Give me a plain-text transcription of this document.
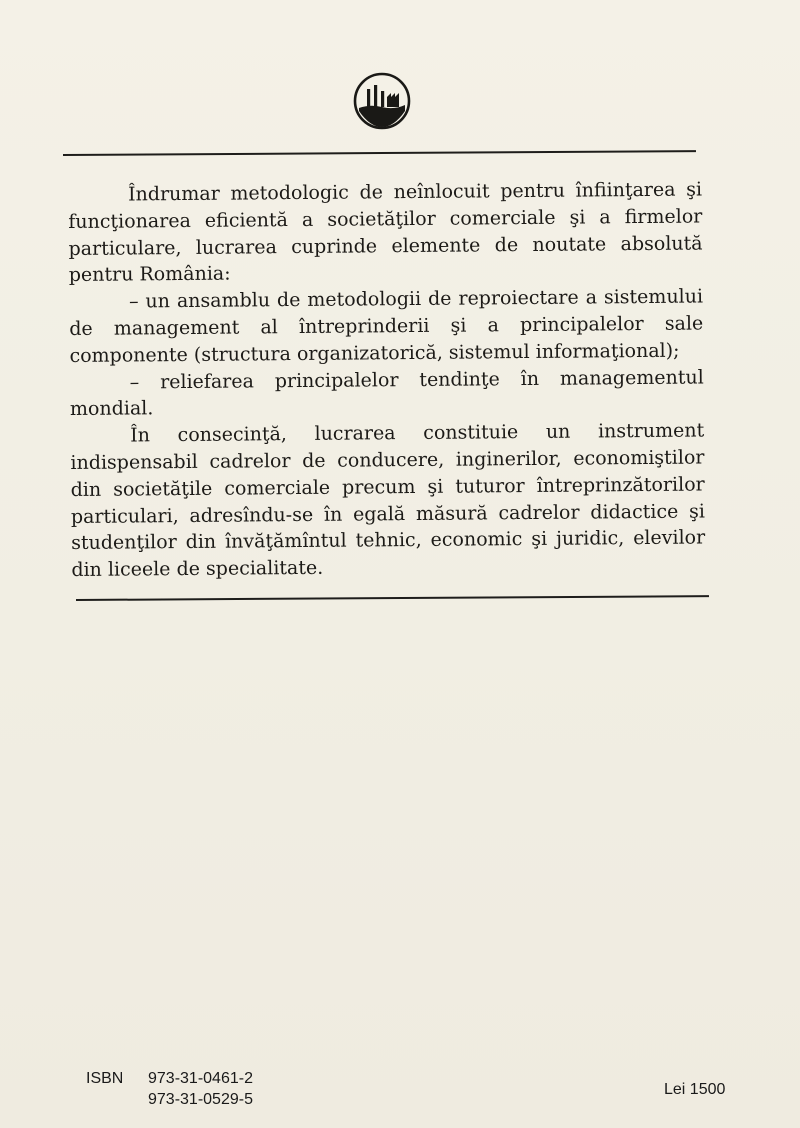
Îndrumar metodologic de neînlocuit pentru înfiinţarea şi funcţionarea eficientă a societăţilor comerciale şi a firmelor particulare, lucrarea cuprinde elemente de noutate absolută pentru România:

– un ansamblu de metodologii de reproiectare a sistemului de management al întreprinderii şi a principalelor sale componente (structura organizatorică, sistemul informaţional);

– reliefarea principalelor tendinţe în managementul mondial.

În consecinţă, lucrarea constituie un instrument indispensabil cadrelor de conducere, inginerilor, economiştilor din societăţile comerciale precum şi tuturor întreprinzătorilor particulari, adresîndu-se în egală măsură cadrelor didactice şi studenţilor din învăţămîntul tehnic, economic şi juridic, elevilor din liceele de specialitate.

ISBN 973-31-0461-2
973-31-0529-5
Lei 1500
